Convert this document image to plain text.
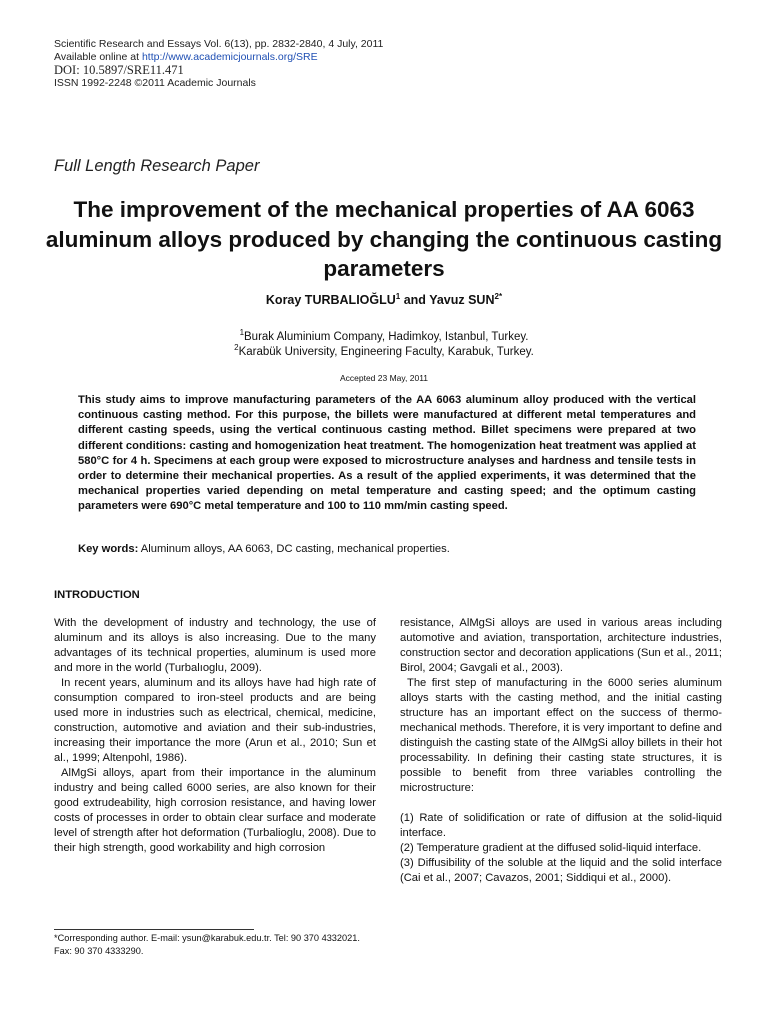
Scientific Research and Essays Vol. 6(13), pp. 2832-2840, 4 July, 2011
Available online at http://www.academicjournals.org/SRE
DOI: 10.5897/SRE11.471
ISSN 1992-2248 ©2011 Academic Journals
Full Length Research Paper
The improvement of the mechanical properties of AA 6063 aluminum alloys produced by changing the continuous casting parameters
Koray TURBALIOĞLU$^1$ and Yavuz $SUN^{2*}$
$^1$Burak Aluminium Company, Hadimkoy, Istanbul, Turkey.
$^2$Karabük University, Engineering Faculty, Karabuk, Turkey.
Accepted 23 May, 2011
This study aims to improve manufacturing parameters of the AA 6063 aluminum alloy produced with the vertical continuous casting method. For this purpose, the billets were manufactured at different metal temperatures and different casting speeds, using the vertical continuous casting method. Billet specimens were prepared at two different conditions: casting and homogenization heat treatment. The homogenization heat treatment was applied at 580°C for 4 h. Specimens at each group were exposed to microstructure analyses and hardness and tensile tests in order to determine their mechanical properties. As a result of the applied experiments, it was determined that the mechanical properties varied depending on metal temperature and casting speed; and the optimum casting parameters were 690°C metal temperature and 100 to 110 mm/min casting speed.
Key words: Aluminum alloys, AA 6063, DC casting, mechanical properties.
INTRODUCTION

With the development of industry and technology, the use of aluminum and its alloys is also increasing. Due to the many advantages of its technical properties, aluminum is used more and more in the world (Turbalıoglu, 2009).

In recent years, aluminum and its alloys have had high rate of consumption compared to iron-steel products and are being used more in industries such as electrical, chemical, medicine, construction, automotive and aviation and their sub-industries, increasing their importance the more (Arun et al., 2010; Sun et al., 1999; Altenpohl, 1986).

AlMgSi alloys, apart from their importance in the aluminum industry and being called 6000 series, are also known for their good extrudeability, high corrosion resistance, and having lower costs of processes in order to obtain clear surface and moderate level of strength after hot deformation (Turbalioglu, 2008). Due to their high strength, good workability and high corrosion

resistance, AlMgSi alloys are used in various areas including automotive and aviation, transportation, architecture industries, construction sector and decoration applications (Sun et al., 2011; Birol, 2004; Gavgali et al., 2003).

The first step of manufacturing in the 6000 series aluminum alloys starts with the casting method, and the initial casting structure has an important effect on the success of thermo-mechanical methods. Therefore, it is very important to define and distinguish the casting state of the AlMgSi alloy billets in their hot processability. In defining their casting state structures, it is possible to benefit from three variables controlling the microstructure:

(1) Rate of solidification or rate of diffusion at the solid-liquid interface.
(2) Temperature gradient at the diffused solid-liquid interface.
(3) Diffusibility of the soluble at the liquid and the solid interface (Cai et al., 2007; Cavazos, 2001; Siddiqui et al., 2000).
*Corresponding author. E-mail: ysun@karabuk.edu.tr. Tel: 90 370 4332021. Fax: 90 370 4333290.
